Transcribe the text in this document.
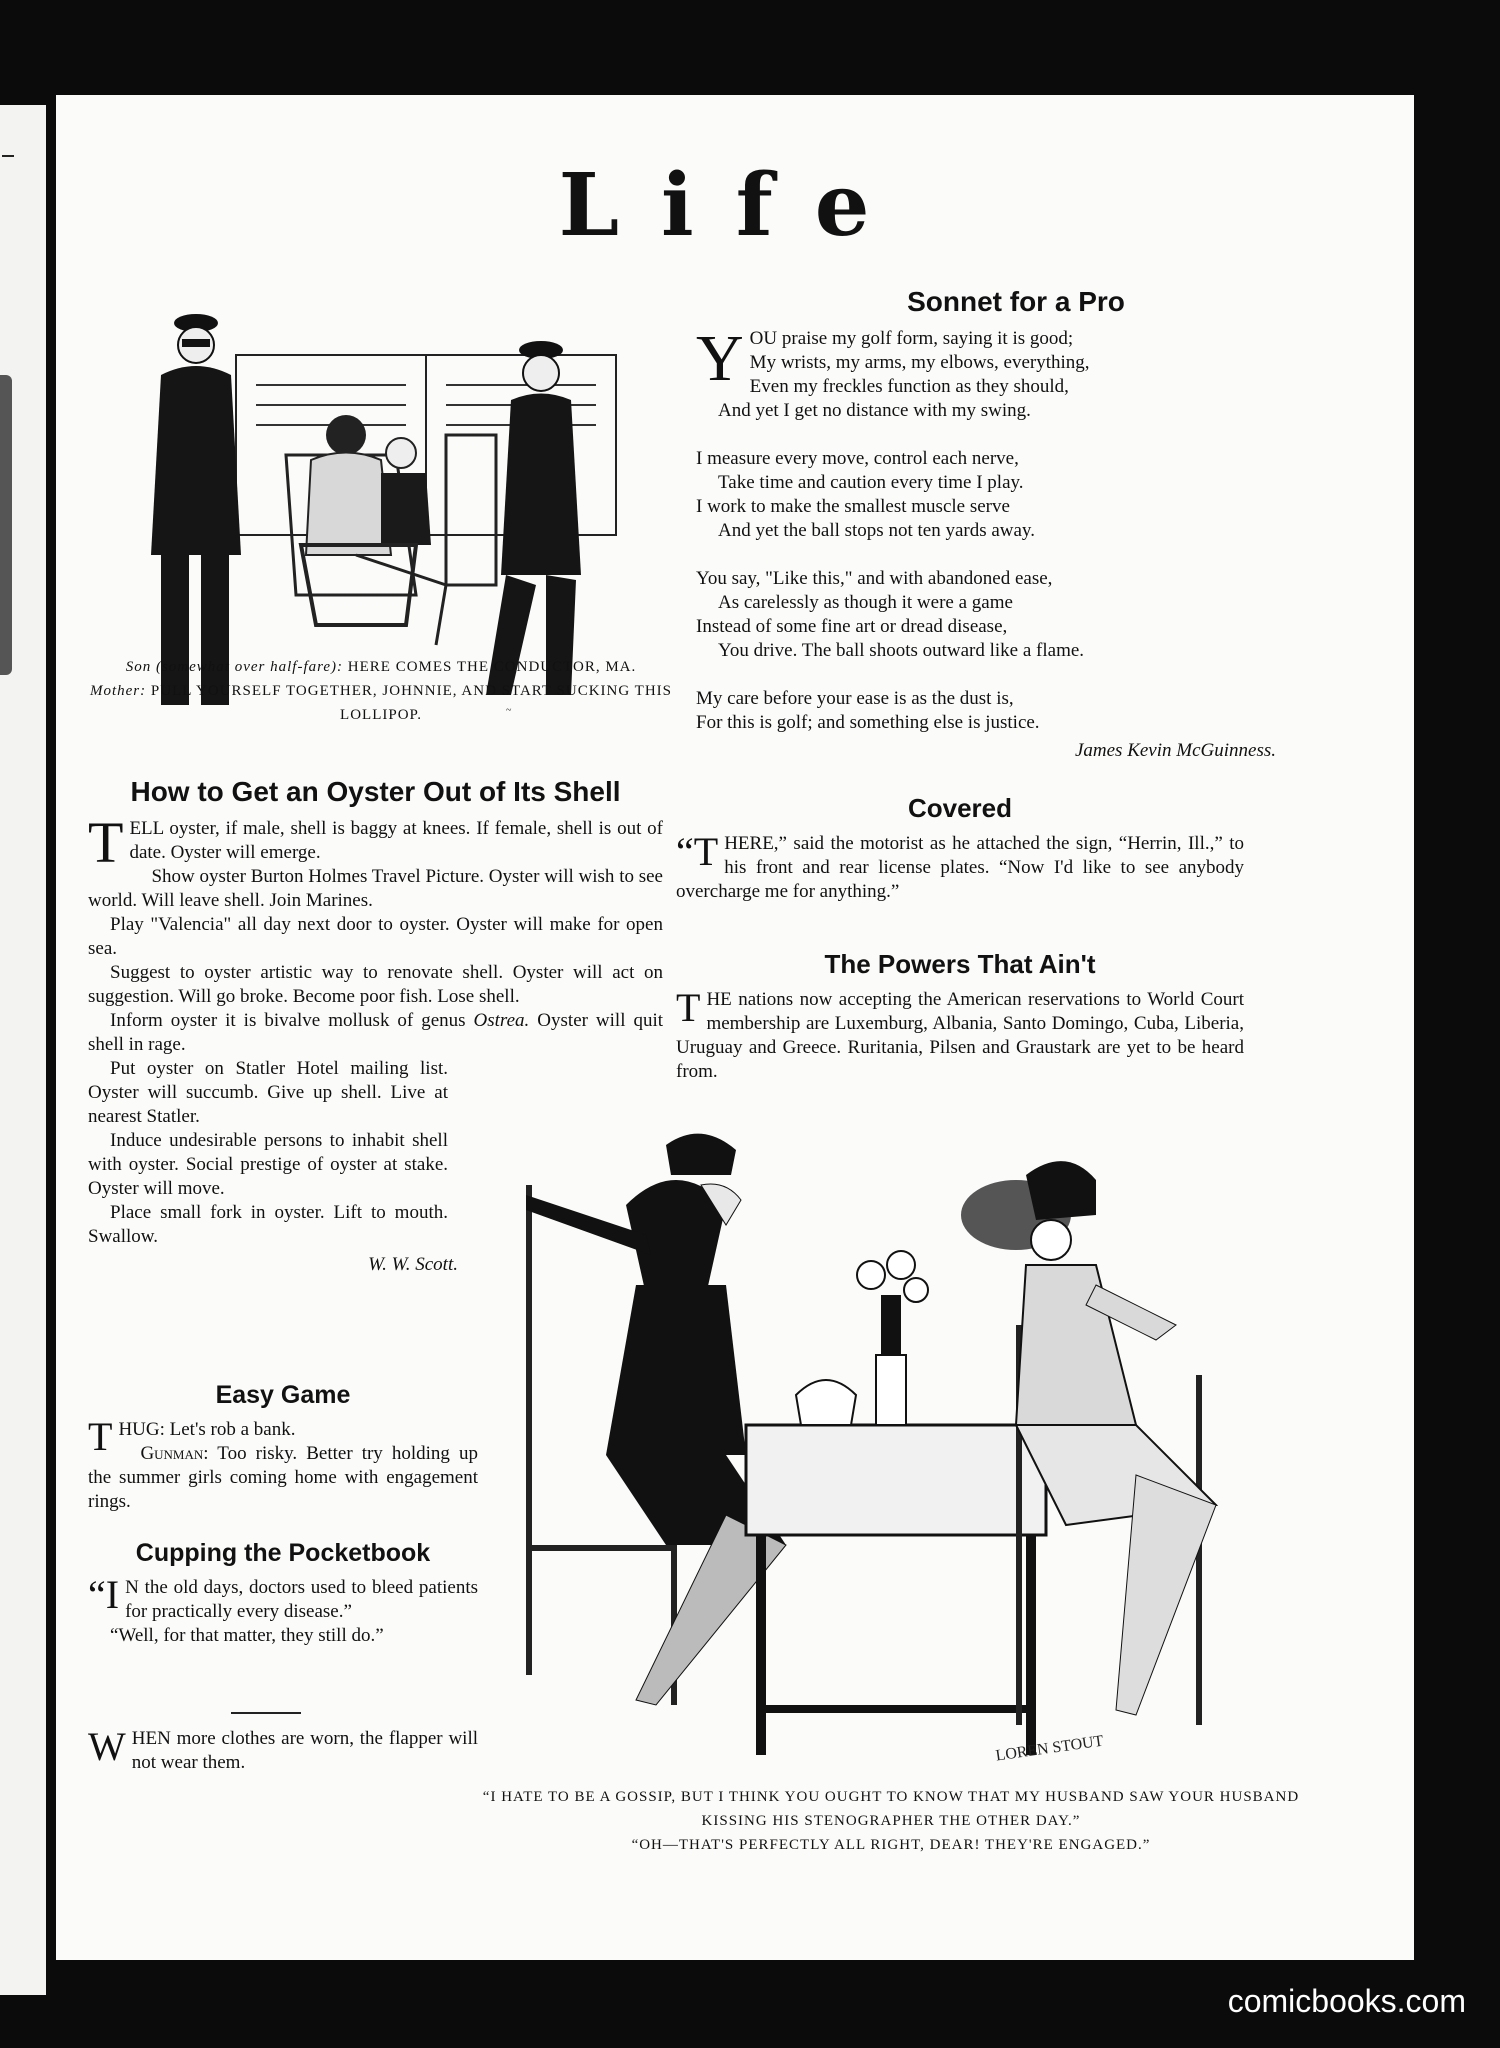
Life
~
Son (somewhat over half-fare): HERE COMES THE CONDUCTOR, MA.
Mother: PULL YOURSELF TOGETHER, JOHNNIE, AND START SUCKING THIS LOLLIPOP.
How to Get an Oyster Out of Its Shell

TELL oyster, if male, shell is baggy at knees. If female, shell is out of date. Oyster will emerge.

Show oyster Burton Holmes Travel Picture. Oyster will wish to see world. Will leave shell. Join Marines.

Play "Valencia" all day next door to oyster. Oyster will make for open sea.

Suggest to oyster artistic way to renovate shell. Oyster will act on suggestion. Will go broke. Become poor fish. Lose shell.

Inform oyster it is bivalve mollusk of genus Ostrea. Oyster will quit shell in rage.

Put oyster on Statler Hotel mailing list. Oyster will succumb. Give up shell. Live at nearest Statler.

Induce undesirable persons to inhabit shell with oyster. Social prestige of oyster at stake. Oyster will move.

Place small fork in oyster. Lift to mouth. Swallow.

W. W. Scott.
Easy Game

THUG: Let's rob a bank.

Gunman: Too risky. Better try holding up the summer girls coming home with engagement rings.

Cupping the Pocketbook

“I N the old days, doctors used to bleed patients for practically every disease.”

“Well, for that matter, they still do.”

WHEN more clothes are worn, the flapper will not wear them.

Sonnet for a Pro
Y OU praise my golf form, saying it is good;
My wrists, my arms, my elbows, everything,
Even my freckles function as they should,
And yet I get no distance with my swing.
I measure every move, control each nerve,
Take time and caution every time I play.
I work to make the smallest muscle serve
And yet the ball stops not ten yards away.
You say, "Like this," and with abandoned ease,
As carelessly as though it were a game
Instead of some fine art or dread disease,
You drive. The ball shoots outward like a flame.
My care before your ease is as the dust is,
For this is golf; and something else is justice.
James Kevin McGuinness.
Covered

“T HERE,” said the motorist as he attached the sign, “Herrin, Ill.,” to his front and rear license plates. “Now I'd like to see anybody overcharge me for anything.”

The Powers That Ain't

THE nations now accepting the American reservations to World Court membership are Luxemburg, Albania, Santo Domingo, Cuba, Liberia, Uruguay and Greece. Ruritania, Pilsen and Graustark are yet to be heard from.

LOREN STOUT
“I HATE TO BE A GOSSIP, BUT I THINK YOU OUGHT TO KNOW THAT MY HUSBAND SAW YOUR HUSBAND KISSING HIS STENOGRAPHER THE OTHER DAY.”
“OH—THAT'S PERFECTLY ALL RIGHT, DEAR! THEY'RE ENGAGED.”
comicbooks.com
